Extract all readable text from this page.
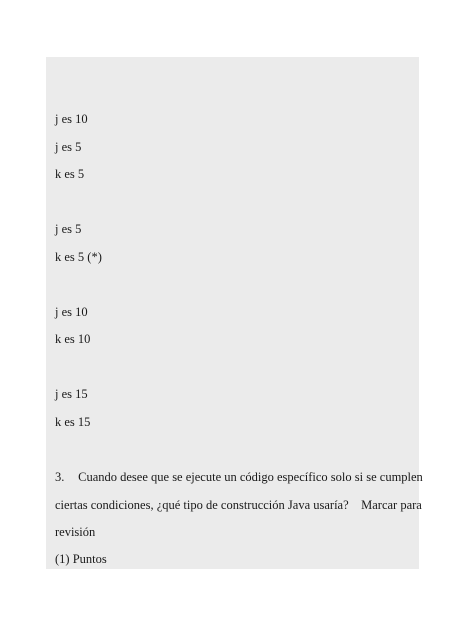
j es 10
j es 5
k es 5
j es 5
k es 5 (*)
j es 10
k es 10
j es 15
k es 15
3. Cuando desee que se ejecute un código específico solo si se cumplen
ciertas condiciones, ¿qué tipo de construcción Java usaría?    Marcar para
revisión
(1) Puntos
